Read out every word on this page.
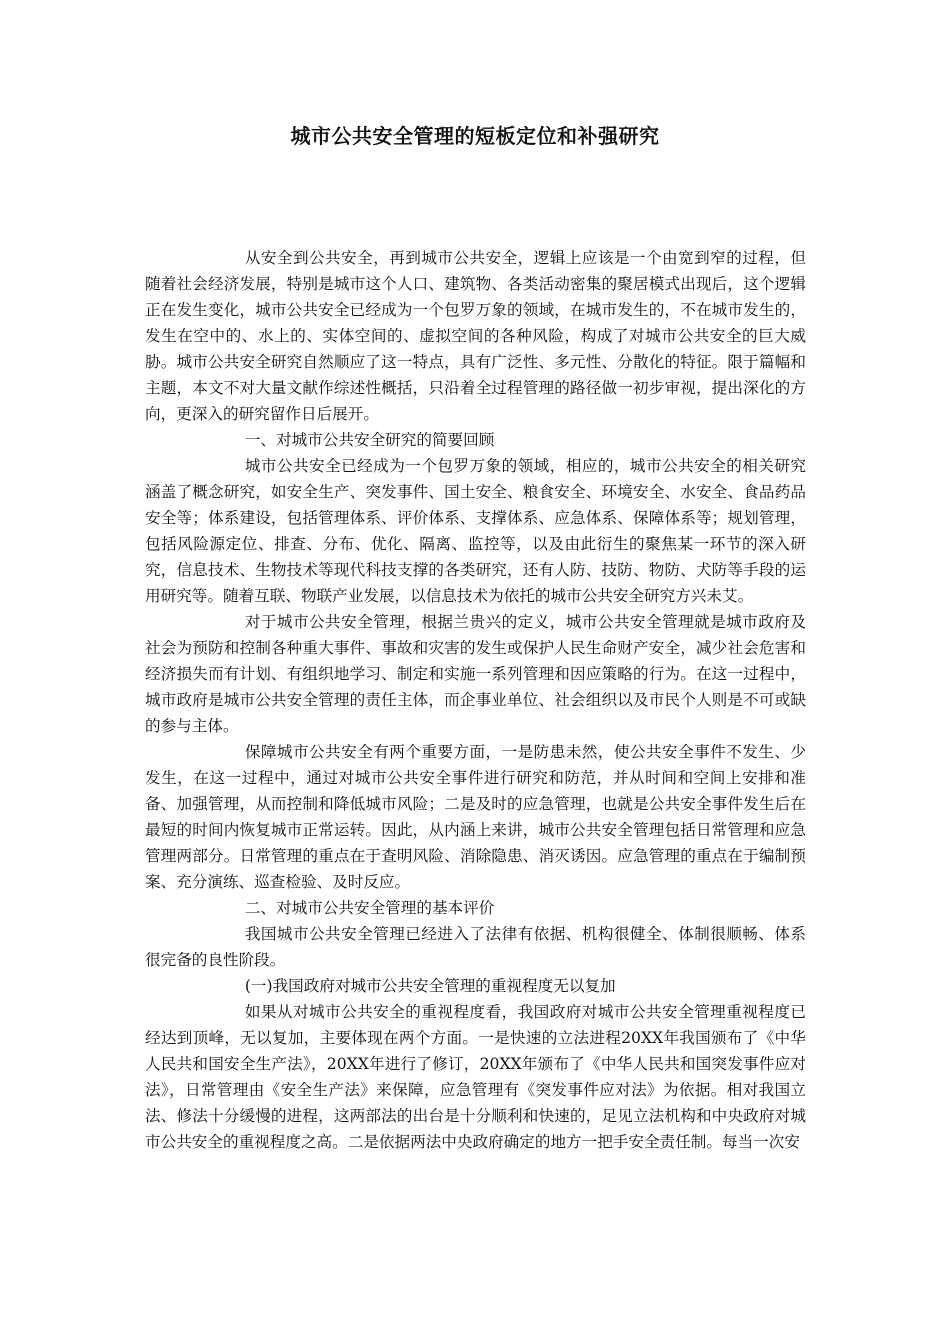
城市公共安全管理的短板定位和补强研究

从安全到公共安全，再到城市公共安全，逻辑上应该是一个由宽到窄的过程，但随着社会经济发展，特别是城市这个人口、建筑物、各类活动密集的聚居模式出现后，这个逻辑正在发生变化，城市公共安全已经成为一个包罗万象的领域，在城市发生的，不在城市发生的，发生在空中的、水上的、实体空间的、虚拟空间的各种风险，构成了对城市公共安全的巨大威胁。城市公共安全研究自然顺应了这一特点，具有广泛性、多元性、分散化的特征。限于篇幅和主题，本文不对大量文献作综述性概括，只沿着全过程管理的路径做一初步审视，提出深化的方向，更深入的研究留作日后展开。

一、对城市公共安全研究的简要回顾

城市公共安全已经成为一个包罗万象的领域，相应的，城市公共安全的相关研究涵盖了概念研究，如安全生产、突发事件、国土安全、粮食安全、环境安全、水安全、食品药品安全等；体系建设，包括管理体系、评价体系、支撑体系、应急体系、保障体系等；规划管理，包括风险源定位、排查、分布、优化、隔离、监控等，以及由此衍生的聚焦某一环节的深入研究，信息技术、生物技术等现代科技支撑的各类研究，还有人防、技防、物防、犬防等手段的运用研究等。随着互联、物联产业发展，以信息技术为依托的城市公共安全研究方兴未艾。

对于城市公共安全管理，根据兰贵兴的定义，城市公共安全管理就是城市政府及社会为预防和控制各种重大事件、事故和灾害的发生或保护人民生命财产安全，减少社会危害和经济损失而有计划、有组织地学习、制定和实施一系列管理和因应策略的行为。在这一过程中，城市政府是城市公共安全管理的责任主体，而企事业单位、社会组织以及市民个人则是不可或缺的参与主体。

保障城市公共安全有两个重要方面，一是防患未然，使公共安全事件不发生、少发生，在这一过程中，通过对城市公共安全事件进行研究和防范，并从时间和空间上安排和准备、加强管理，从而控制和降低城市风险；二是及时的应急管理，也就是公共安全事件发生后在最短的时间内恢复城市正常运转。因此，从内涵上来讲，城市公共安全管理包括日常管理和应急管理两部分。日常管理的重点在于查明风险、消除隐患、消灭诱因。应急管理的重点在于编制预案、充分演练、巡查检验、及时反应。

二、对城市公共安全管理的基本评价

我国城市公共安全管理已经进入了法律有依据、机构很健全、体制很顺畅、体系很完备的良性阶段。

(一)我国政府对城市公共安全管理的重视程度无以复加

如果从对城市公共安全的重视程度看，我国政府对城市公共安全管理重视程度已经达到顶峰，无以复加，主要体现在两个方面。一是快速的立法进程20XX年我国颁布了《中华人民共和国安全生产法》，20XX年进行了修订，20XX年颁布了《中华人民共和国突发事件应对法》，日常管理由《安全生产法》来保障，应急管理有《突发事件应对法》为依据。相对我国立法、修法十分缓慢的进程，这两部法的出台是十分顺利和快速的，足见立法机构和中央政府对城市公共安全的重视程度之高。二是依据两法中央政府确定的地方一把手安全责任制。每当一次安
